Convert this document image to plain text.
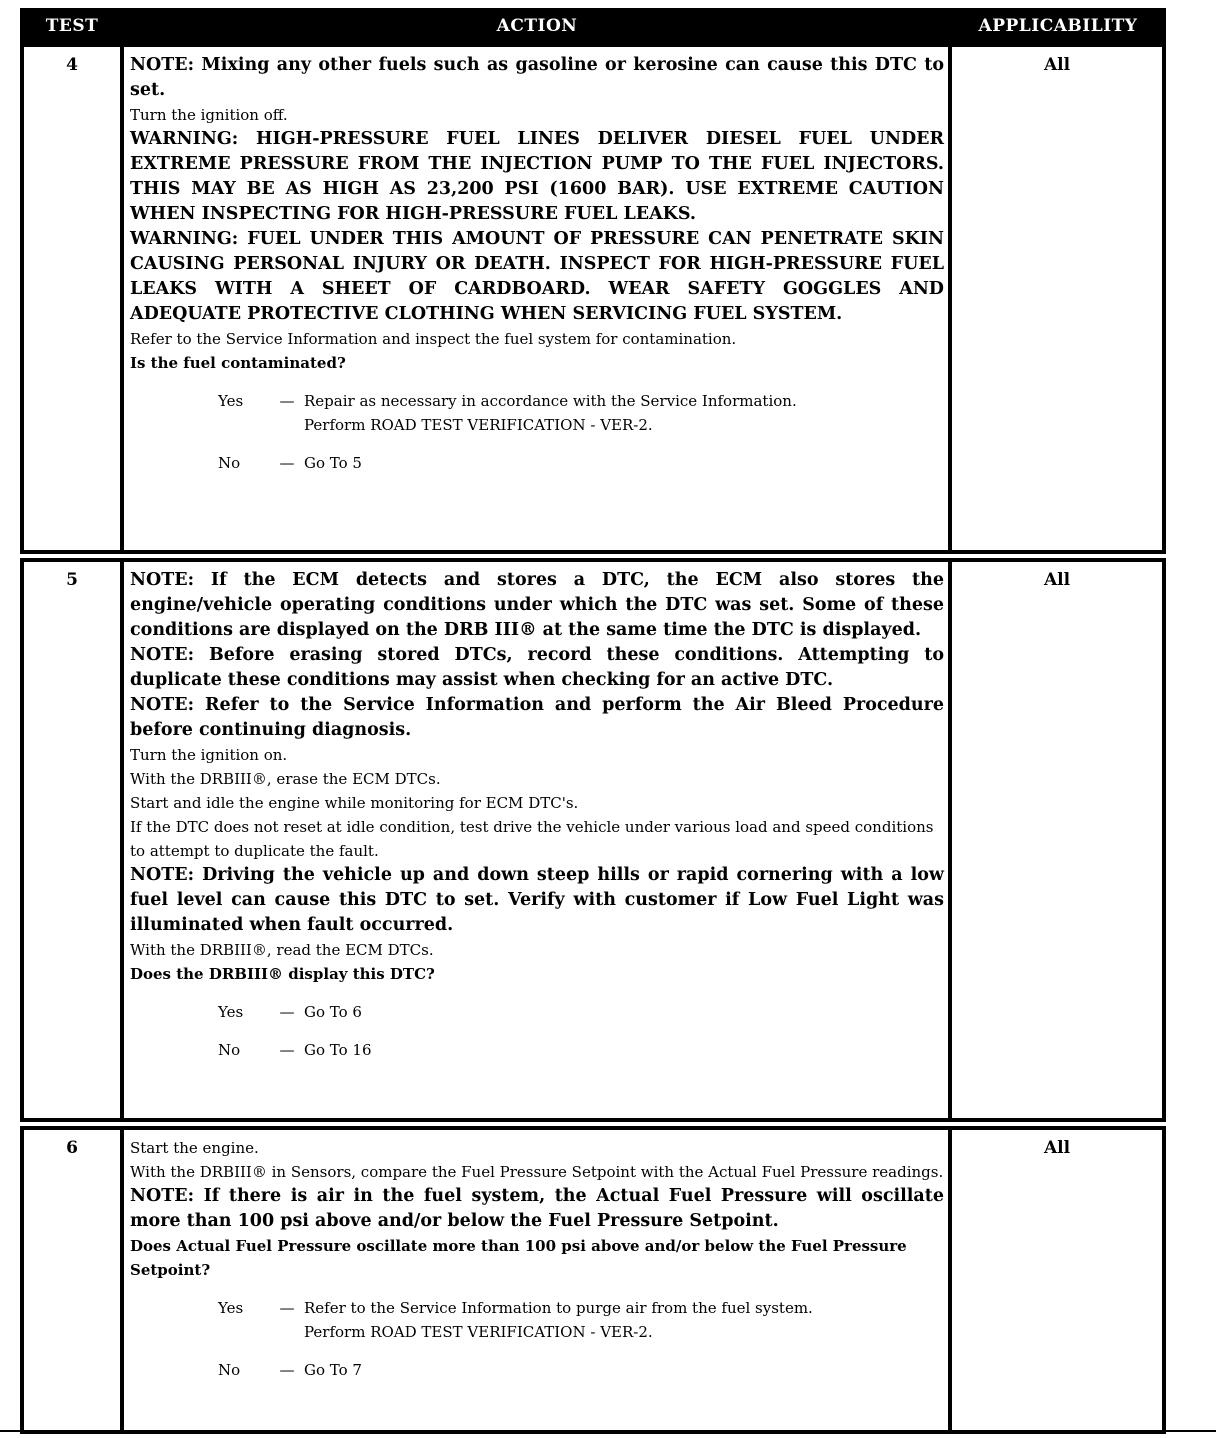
TEST	ACTION	APPLICABILITY
4	NOTE: Mixing any other fuels such as gasoline or kerosine can cause this DTC to set.
Turn the ignition off.
WARNING: HIGH-PRESSURE FUEL LINES DELIVER DIESEL FUEL UNDER EXTREME PRESSURE FROM THE INJECTION PUMP TO THE FUEL INJECTORS. THIS MAY BE AS HIGH AS 23,200 PSI (1600 BAR). USE EXTREME CAUTION WHEN INSPECTING FOR HIGH-PRESSURE FUEL LEAKS.
WARNING: FUEL UNDER THIS AMOUNT OF PRESSURE CAN PENETRATE SKIN CAUSING PERSONAL INJURY OR DEATH. INSPECT FOR HIGH-PRESSURE FUEL LEAKS WITH A SHEET OF CARDBOARD. WEAR SAFETY GOGGLES AND ADEQUATE PROTECTIVE CLOTHING WHEN SERVICING FUEL SYSTEM.
Refer to the Service Information and inspect the fuel system for contamination.
Is the fuel contaminated?
Yes	— Repair as necessary in accordance with the Service Information.
Perform ROAD TEST VERIFICATION - VER-2.
No	— Go To 5
All
5	NOTE: If the ECM detects and stores a DTC, the ECM also stores the engine/vehicle operating conditions under which the DTC was set. Some of these conditions are displayed on the DRB III® at the same time the DTC is displayed.
NOTE: Before erasing stored DTCs, record these conditions. Attempting to duplicate these conditions may assist when checking for an active DTC.
NOTE: Refer to the Service Information and perform the Air Bleed Procedure before continuing diagnosis.
Turn the ignition on.
With the DRBIII®, erase the ECM DTCs.
Start and idle the engine while monitoring for ECM DTC's.
If the DTC does not reset at idle condition, test drive the vehicle under various load and speed conditions to attempt to duplicate the fault.
NOTE: Driving the vehicle up and down steep hills or rapid cornering with a low fuel level can cause this DTC to set. Verify with customer if Low Fuel Light was illuminated when fault occurred.
With the DRBIII®, read the ECM DTCs.
Does the DRBIII® display this DTC?
Yes	— Go To 6
No	— Go To 16
All
6	Start the engine.
With the DRBIII® in Sensors, compare the Fuel Pressure Setpoint with the Actual Fuel Pressure readings.
NOTE: If there is air in the fuel system, the Actual Fuel Pressure will oscillate more than 100 psi above and/or below the Fuel Pressure Setpoint.
Does Actual Fuel Pressure oscillate more than 100 psi above and/or below the Fuel Pressure Setpoint?
Yes	— Refer to the Service Information to purge air from the fuel system.
Perform ROAD TEST VERIFICATION - VER-2.
No	— Go To 7
All
